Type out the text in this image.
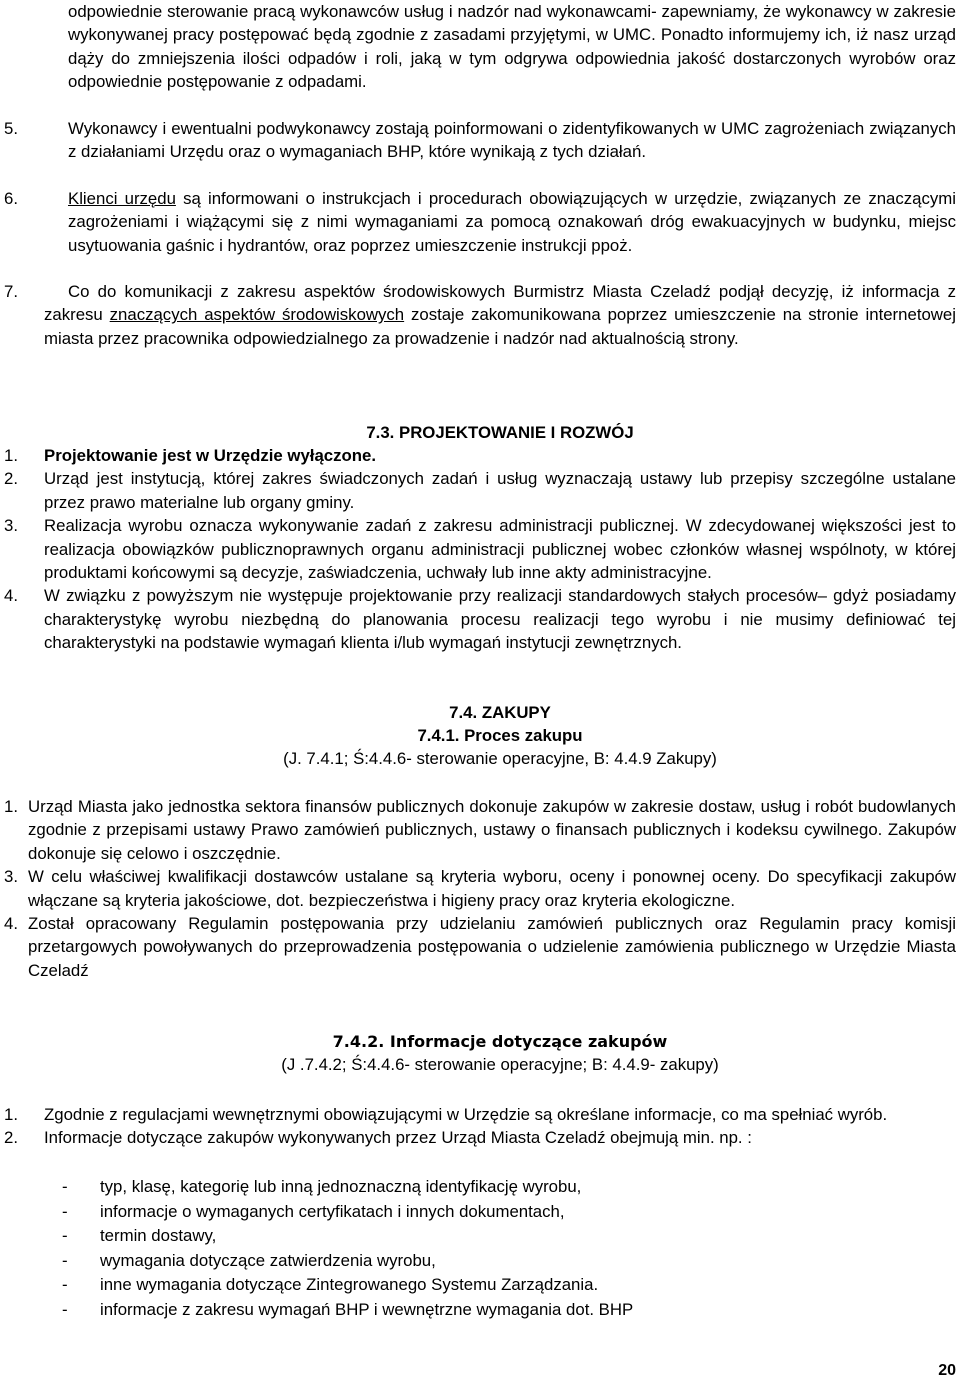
odpowiednie sterowanie pracą wykonawców usług i nadzór nad wykonawcami- zapewniamy, że wykonawcy w zakresie wykonywanej pracy postępować będą zgodnie z zasadami przyjętymi, w UMC. Ponadto informujemy ich, iż nasz urząd dąży do zmniejszenia ilości odpadów i roli, jaką w tym odgrywa odpowiednia jakość dostarczonych wyrobów oraz odpowiednie postępowanie z odpadami.
5.	Wykonawcy i ewentualni podwykonawcy zostają poinformowani o zidentyfikowanych w UMC zagrożeniach związanych z działaniami Urzędu oraz o wymaganiach BHP, które wynikają z tych działań.
6.	Klienci urzędu są informowani o instrukcjach i procedurach obowiązujących w urzędzie, związanych ze znaczącymi zagrożeniami i wiążącymi się z nimi wymaganiami za pomocą oznakowań dróg ewakuacyjnych w budynku, miejsc usytuowania gaśnic i hydrantów, oraz poprzez umieszczenie instrukcji ppoż.
7.	Co do komunikacji z zakresu aspektów środowiskowych Burmistrz Miasta Czeladź podjął decyzję, iż informacja z zakresu znaczących aspektów środowiskowych zostaje zakomunikowana poprzez umieszczenie na stronie internetowej miasta przez pracownika odpowiedzialnego za prowadzenie i nadzór nad aktualnością strony.
7.3. PROJEKTOWANIE I ROZWÓJ
1.	Projektowanie jest w Urzędzie wyłączone.
2.	Urząd jest instytucją, której zakres świadczonych zadań i usług wyznaczają ustawy lub przepisy szczególne ustalane przez prawo materialne lub organy gminy.
3.	Realizacja wyrobu oznacza wykonywanie zadań z zakresu administracji publicznej. W zdecydowanej większości jest to realizacja obowiązków publicznoprawnych organu administracji publicznej wobec członków własnej wspólnoty, w której produktami końcowymi są decyzje, zaświadczenia, uchwały lub inne akty administracyjne.
4.	W związku z powyższym nie występuje projektowanie przy realizacji standardowych stałych procesów– gdyż posiadamy charakterystykę wyrobu niezbędną do planowania procesu realizacji tego wyrobu i nie musimy definiować tej charakterystyki na podstawie wymagań klienta i/lub wymagań instytucji zewnętrznych.
7.4. ZAKUPY
7.4.1. Proces zakupu
(J. 7.4.1; Ś:4.4.6- sterowanie operacyjne, B: 4.4.9 Zakupy)
1. Urząd Miasta jako jednostka sektora finansów publicznych dokonuje zakupów w zakresie dostaw, usług i robót budowlanych zgodnie z przepisami ustawy Prawo zamówień publicznych, ustawy o finansach publicznych i kodeksu cywilnego. Zakupów dokonuje się celowo i oszczędnie.
3. W celu właściwej kwalifikacji dostawców ustalane są kryteria wyboru, oceny i ponownej oceny. Do specyfikacji zakupów włączane są kryteria jakościowe, dot. bezpieczeństwa i higieny pracy oraz kryteria ekologiczne.
4. Został opracowany Regulamin postępowania przy udzielaniu zamówień publicznych oraz Regulamin pracy komisji przetargowych powoływanych do przeprowadzenia postępowania o udzielenie zamówienia publicznego w Urzędzie Miasta Czeladź
7.4.2. Informacje dotyczące zakupów
(J .7.4.2; Ś:4.4.6- sterowanie operacyjne; B: 4.4.9- zakupy)
1.	Zgodnie z regulacjami wewnętrznymi obowiązującymi w Urzędzie są określane informacje, co ma spełniać wyrób.
2.	Informacje dotyczące zakupów wykonywanych przez Urząd Miasta Czeladź obejmują min. np. :
-	typ, klasę, kategorię lub inną jednoznaczną identyfikację wyrobu,
-	informacje o wymaganych certyfikatach i innych dokumentach,
-	termin dostawy,
-	wymagania dotyczące zatwierdzenia wyrobu,
-	inne wymagania dotyczące Zintegrowanego Systemu Zarządzania.
-	informacje z zakresu wymagań BHP i wewnętrzne wymagania dot. BHP
20
